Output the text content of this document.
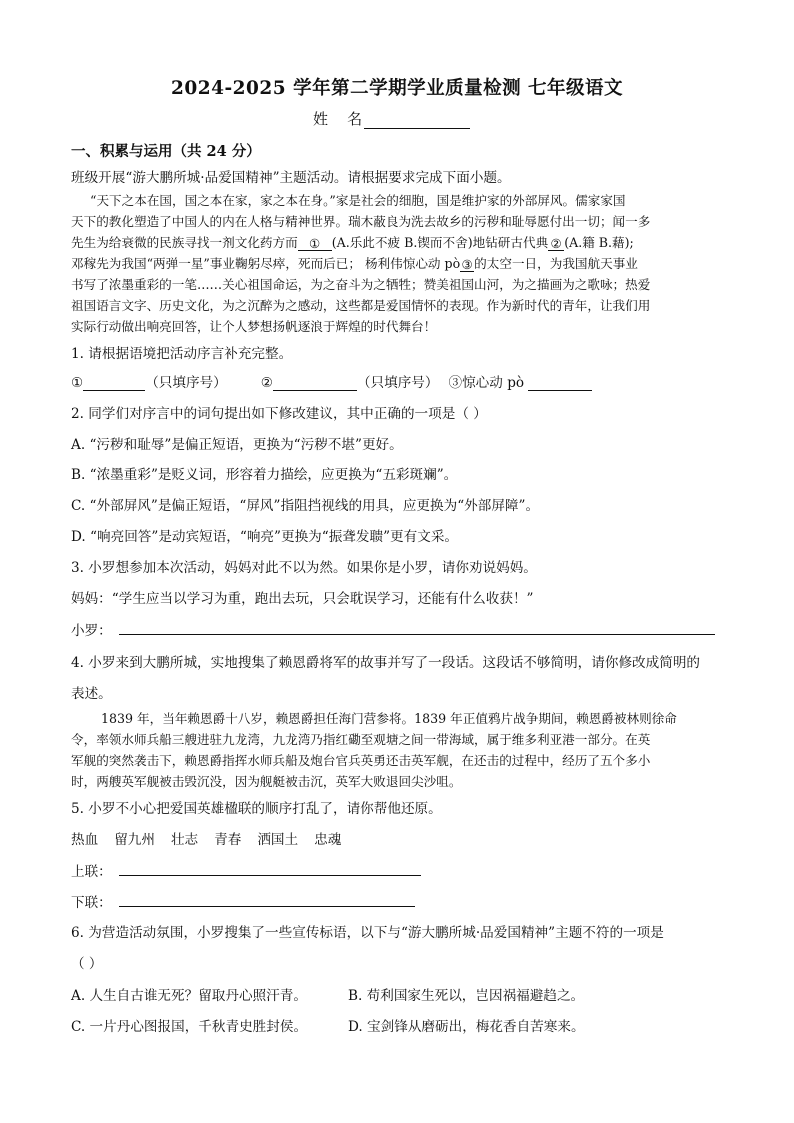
2024-2025 学年第二学期学业质量检测 七年级语文
姓    名
一、积累与运用（共 24 分）
班级开展“游大鹏所城·品爱国精神”主题活动。请根据要求完成下面小题。
“天下之本在国，国之本在家，家之本在身。”家是社会的细胞，国是维护家的外部屏风。儒家家国
天下的教化塑造了中国人的内在人格与精神世界。瑞木蔽良为洗去故乡的污秽和耻辱愿付出一切；闻一多
先生为给衰微的民族寻找一剂文化药方而 ① (A.乐此不疲 B.锲而不舍)地钻研古代典 ② (A.籍 B.藉);
邓稼先为我国“两弹一星”事业鞠躬尽瘁，死而后已； 杨利伟惊心动 pò③的太空一日，为我国航天事业
书写了浓墨重彩的一笔……关心祖国命运，为之奋斗为之牺牲；赞美祖国山河，为之描画为之歌咏；热爱
祖国语言文字、历史文化，为之沉醉为之感动，这些都是爱国情怀的表现。作为新时代的青年，让我们用
实际行动做出响亮回答，让个人梦想扬帆逐浪于辉煌的时代舞台！
1. 请根据语境把活动序言补充完整。
①	（只填序号）	②	（只填序号） ③惊心动 pò
2. 同学们对序言中的词句提出如下修改建议，其中正确的一项是（ ）
A. “污秽和耻辱”是偏正短语，更换为“污秽不堪”更好。
B. “浓墨重彩”是贬义词，形容着力描绘，应更换为“五彩斑斓”。
C. “外部屏风”是偏正短语，“屏风”指阻挡视线的用具，应更换为“外部屏障”。
D. “响亮回答”是动宾短语，“响亮”更换为“振聋发聩”更有文采。
3. 小罗想参加本次活动，妈妈对此不以为然。如果你是小罗，请你劝说妈妈。
妈妈：“学生应当以学习为重，跑出去玩，只会耽误学习，还能有什么收获！”
小罗：
4. 小罗来到大鹏所城，实地搜集了赖恩爵将军的故事并写了一段话。这段话不够简明，请你修改成简明的
表述。
1839 年，当年赖恩爵十八岁，赖恩爵担任海门营参将。1839 年正值鸦片战争期间，赖恩爵被林则徐命
令，率领水师兵船三艘进驻九龙湾，九龙湾乃指红磡至观塘之间一带海域，属于维多利亚港一部分。在英
军舰的突然袭击下，赖恩爵指挥水师兵船及炮台官兵英勇还击英军舰，在还击的过程中，经历了五个多小
时，两艘英军舰被击毁沉没，因为舰艇被击沉，英军大败退回尖沙咀。
5. 小罗不小心把爱国英雄楹联的顺序打乱了，请你帮他还原。
热血 留九州 壮志 青春 洒国土 忠魂
上联：
下联：
6. 为营造活动氛围，小罗搜集了一些宣传标语，以下与“游大鹏所城·品爱国精神”主题不符的一项是
（ ）
A. 人生自古谁无死？留取丹心照汗青。	B. 苟利国家生死以，岂因祸福避趋之。
C. 一片丹心图报国，千秋青史胜封侯。	D. 宝剑锋从磨砺出，梅花香自苦寒来。
